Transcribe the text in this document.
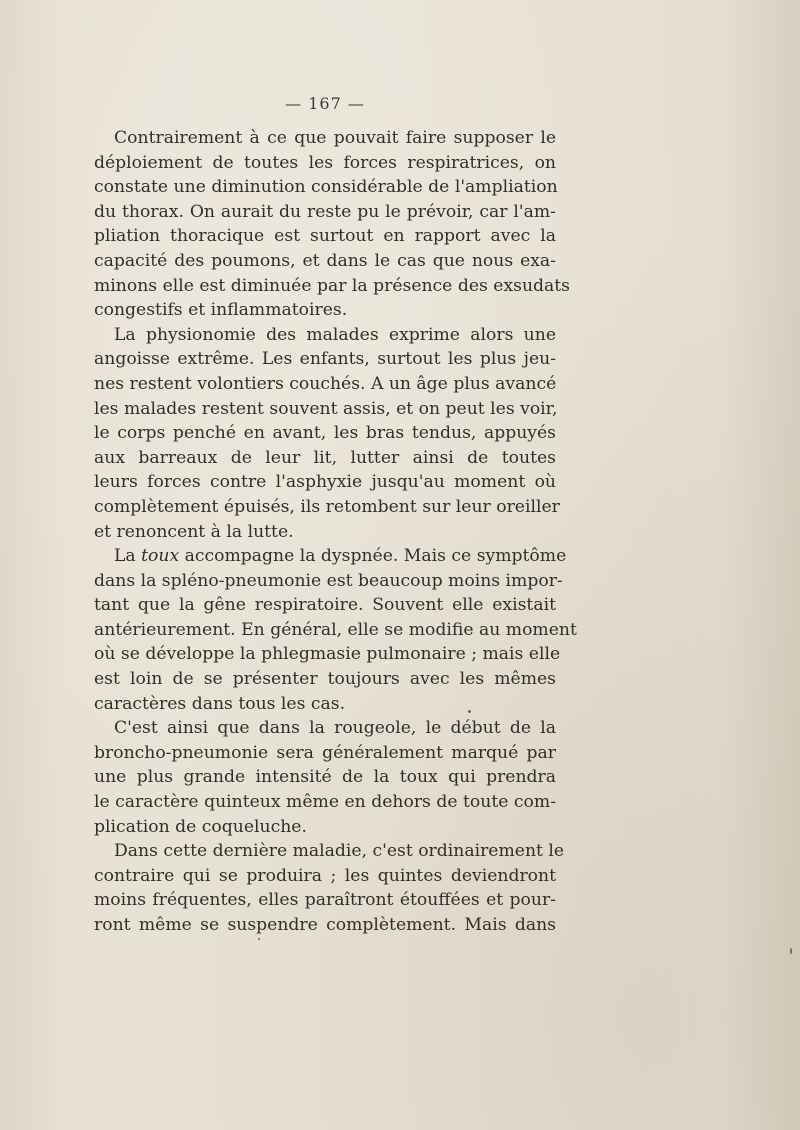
— 167 —
Contrairement à ce que pouvait faire supposer le
déploiement de toutes les forces respiratrices, on
constate une diminution considérable de l'ampliation
du thorax. On aurait du reste pu le prévoir, car l'am-
pliation thoracique est surtout en rapport avec la
capacité des poumons, et dans le cas que nous exa-
minons elle est diminuée par la présence des exsudats
congestifs et inflammatoires.
La physionomie des malades exprime alors une
angoisse extrême. Les enfants, surtout les plus jeu-
nes restent volontiers couchés. A un âge plus avancé
les malades restent souvent assis, et on peut les voir,
le corps penché en avant, les bras tendus, appuyés
aux barreaux de leur lit, lutter ainsi de toutes
leurs forces contre l'asphyxie jusqu'au moment où
complètement épuisés, ils retombent sur leur oreiller
et renoncent à la lutte.
La toux accompagne la dyspnée. Mais ce symptôme
dans la spléno-pneumonie est beaucoup moins impor-
tant que la gêne respiratoire. Souvent elle existait
antérieurement. En général, elle se modifie au moment
où se développe la phlegmasie pulmonaire ; mais elle
est loin de se présenter toujours avec les mêmes
caractères dans tous les cas.
C'est ainsi que dans la rougeole, le début de la
broncho-pneumonie sera généralement marqué par
une plus grande intensité de la toux qui prendra
le caractère quinteux même en dehors de toute com-
plication de coqueluche.
Dans cette dernière maladie, c'est ordinairement le
contraire qui se produira ; les quintes deviendront
moins fréquentes, elles paraîtront étouffées et pour-
ront même se suspendre complètement. Mais dans
